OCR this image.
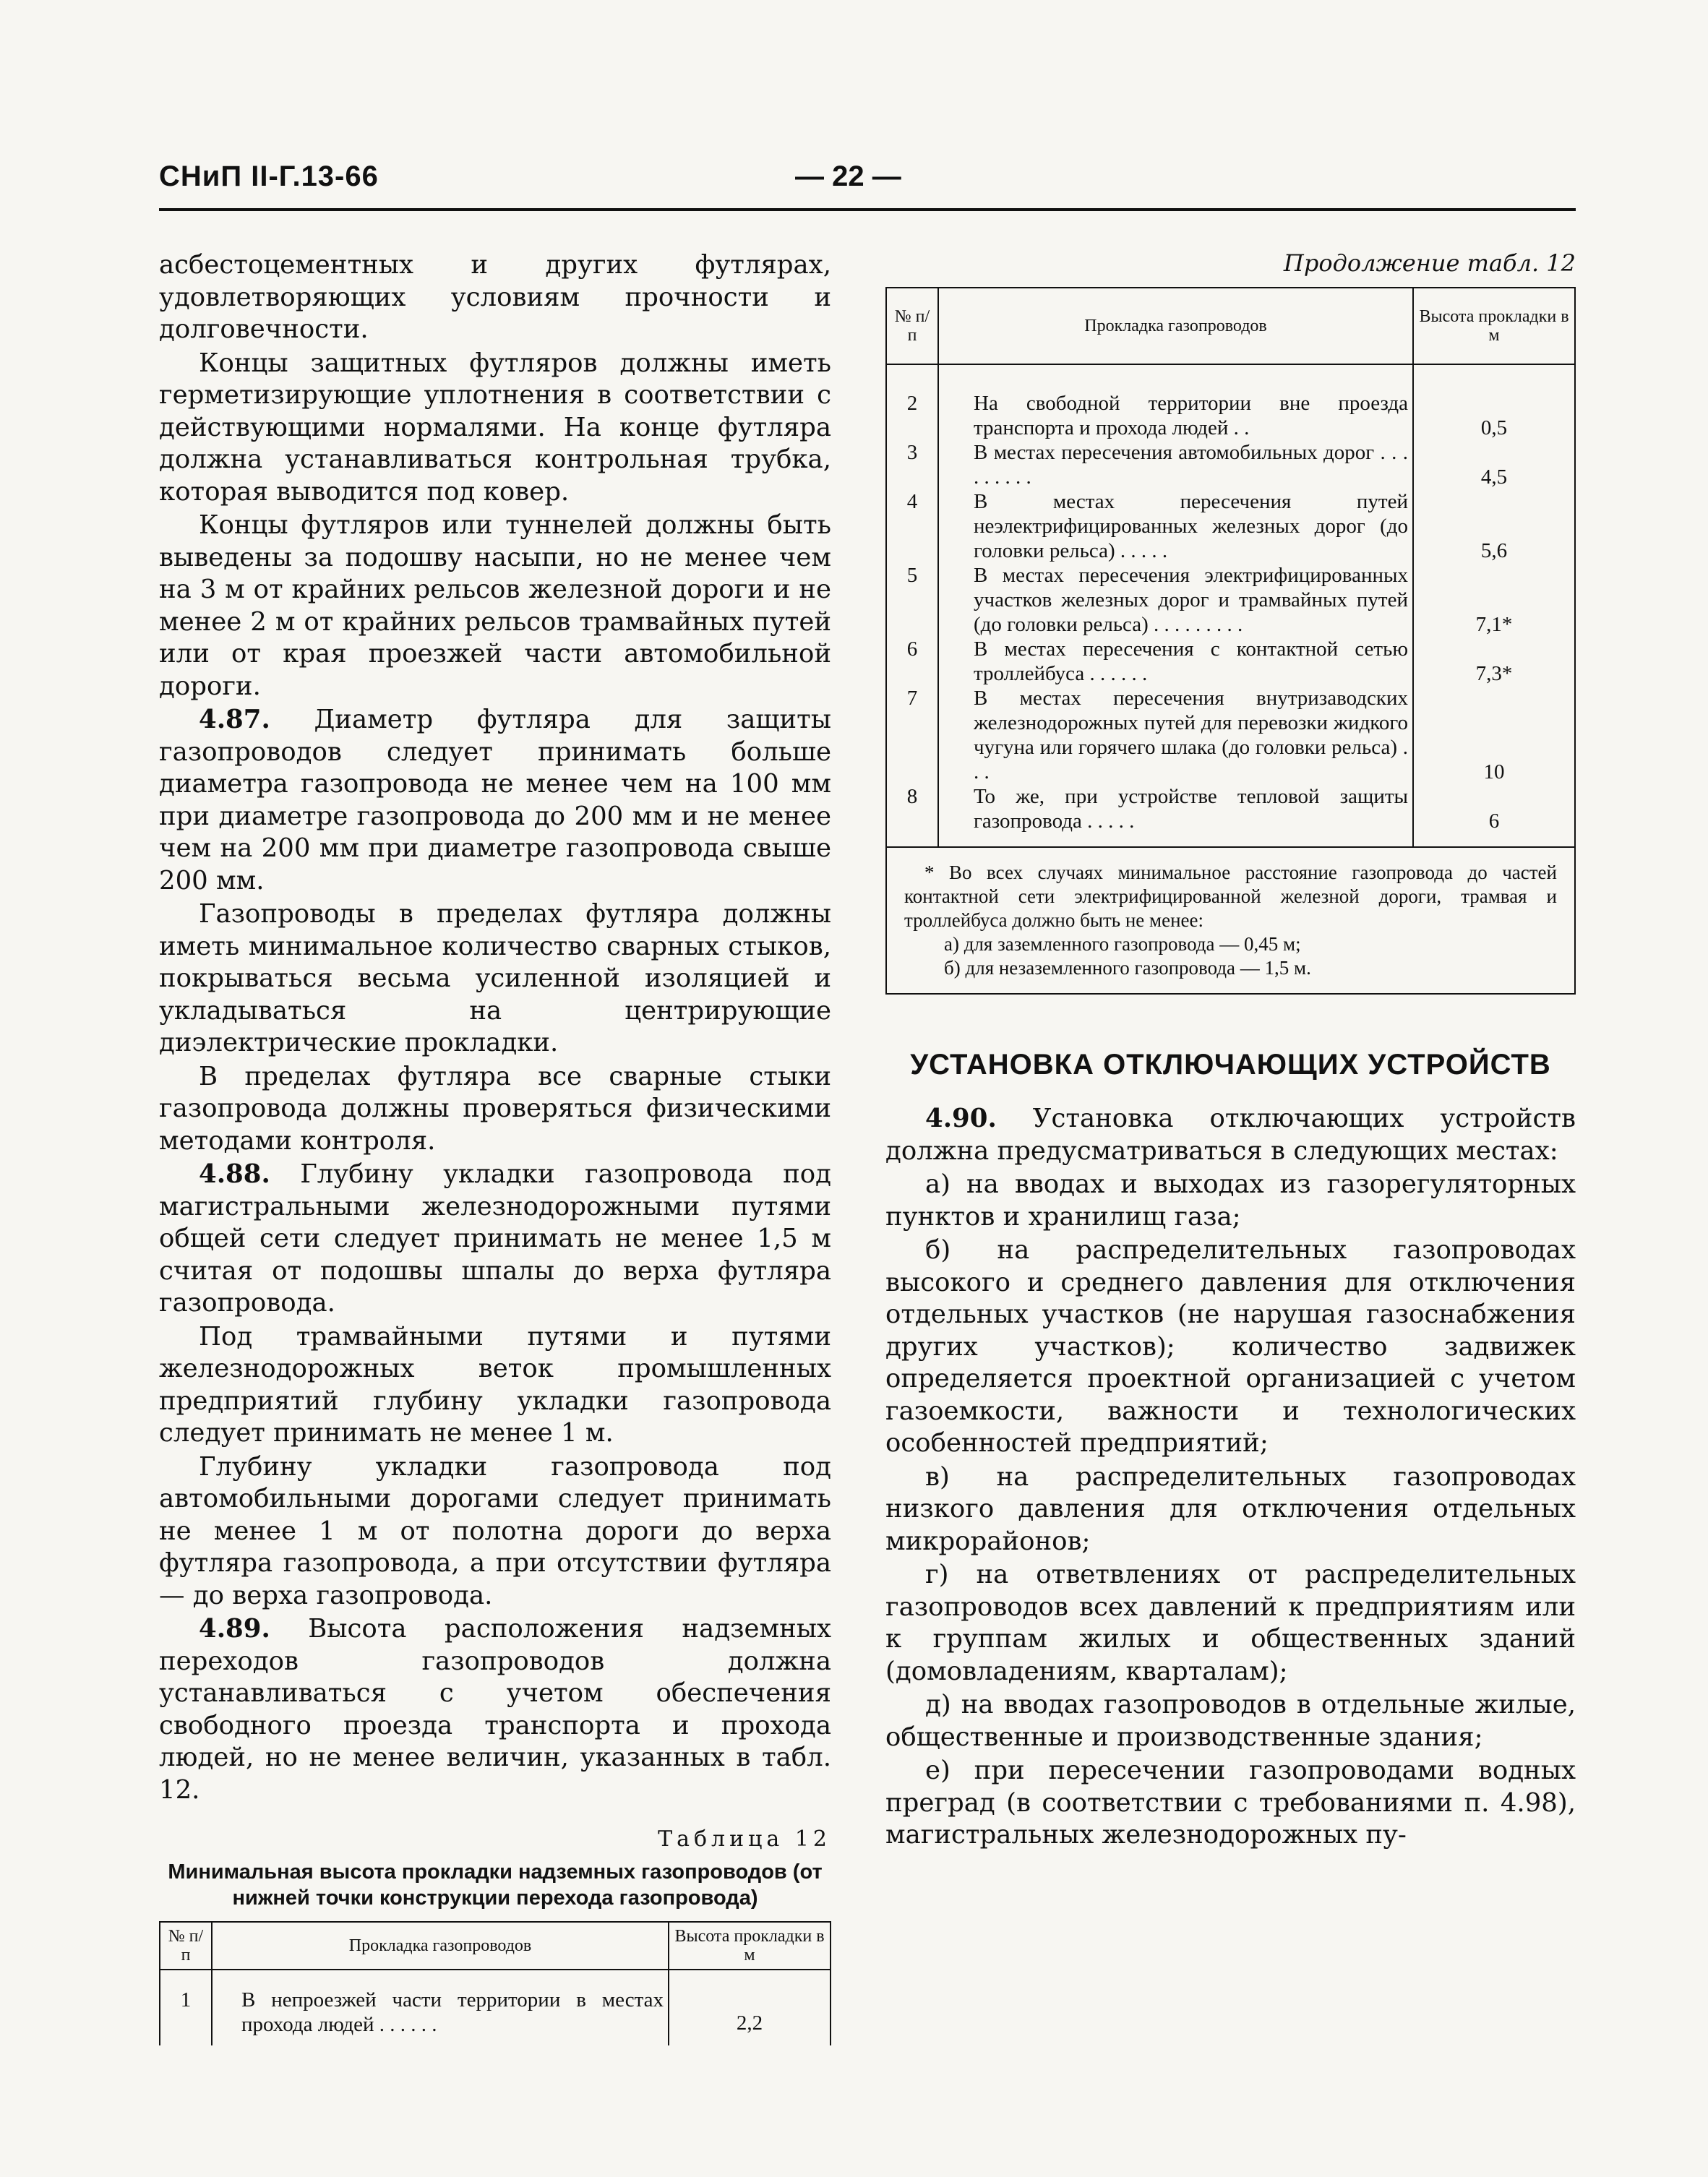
СНиП II-Г.13-66	— 22 —

асбестоцементных и других футлярах, удовлетворяющих условиям прочности и долговечности.

Концы защитных футляров должны иметь герметизирующие уплотнения в соответствии с действующими нормалями. На конце футляра должна устанавливаться контрольная трубка, которая выводится под ковер.

Концы футляров или туннелей должны быть выведены за подошву насыпи, но не менее чем на 3 м от крайних рельсов железной дороги и не менее 2 м от крайних рельсов трамвайных путей или от края проезжей части автомобильной дороги.

4.87. Диаметр футляра для защиты газопроводов следует принимать больше диаметра газопровода не менее чем на 100 мм при диаметре газопровода до 200 мм и не менее чем на 200 мм при диаметре газопровода свыше 200 мм.

Газопроводы в пределах футляра должны иметь минимальное количество сварных стыков, покрываться весьма усиленной изоляцией и укладываться на центрирующие диэлектрические прокладки.

В пределах футляра все сварные стыки газопровода должны проверяться физическими методами контроля.

4.88. Глубину укладки газопровода под магистральными железнодорожными путями общей сети следует принимать не менее 1,5 м считая от подошвы шпалы до верха футляра газопровода.

Под трамвайными путями и путями железнодорожных веток промышленных предприятий глубину укладки газопровода следует принимать не менее 1 м.

Глубину укладки газопровода под автомобильными дорогами следует принимать не менее 1 м от полотна дороги до верха футляра газопровода, а при отсутствии футляра — до верха газопровода.

4.89. Высота расположения надземных переходов газопроводов должна устанавливаться с учетом обеспечения свободного проезда транспорта и прохода людей, но не менее величин, указанных в табл. 12.

Таблица 12
Минимальная высота прокладки надземных газопроводов (от нижней точки конструкции перехода газопровода)
№ п/п	Прокладка газопроводов	Высота прокладки в м
1	В непроезжей части территории в местах прохода людей . . . . . .	2,2
Продолжение табл. 12
№ п/п	Прокладка газопроводов	Высота прокладки в м
2	На свободной территории вне проезда транспорта и прохода людей . .	0,5
3	В местах пересечения автомобильных дорог . . . . . . . . .	4,5
4	В местах пересечения путей неэлектрифицированных железных дорог (до головки рельса) . . . . .	5,6
5	В местах пересечения электрифицированных участков железных дорог и трамвайных путей (до головки рельса) . . . . . . . . .	7,1*
6	В местах пересечения с контактной сетью троллейбуса . . . . . .	7,3*
7	В местах пересечения внутризаводских железнодорожных путей для перевозки жидкого чугуна или горячего шлака (до головки рельса) . . .	10
8	То же, при устройстве тепловой защиты газопровода . . . . .	6

* Во всех случаях минимальное расстояние газопровода до частей контактной сети электрифицированной железной дороги, трамвая и троллейбуса должно быть не менее:

а) для заземленного газопровода — 0,45 м;

б) для незаземленного газопровода — 1,5 м.

УСТАНОВКА ОТКЛЮЧАЮЩИХ УСТРОЙСТВ

4.90. Установка отключающих устройств должна предусматриваться в следующих местах:

а) на вводах и выходах из газорегуляторных пунктов и хранилищ газа;

б) на распределительных газопроводах высокого и среднего давления для отключения отдельных участков (не нарушая газоснабжения других участков); количество задвижек определяется проектной организацией с учетом газоемкости, важности и технологических особенностей предприятий;

в) на распределительных газопроводах низкого давления для отключения отдельных микрорайонов;

г) на ответвлениях от распределительных газопроводов всех давлений к предприятиям или к группам жилых и общественных зданий (домовладениям, кварталам);

д) на вводах газопроводов в отдельные жилые, общественные и производственные здания;

е) при пересечении газопроводами водных преград (в соответствии с требованиями п. 4.98), магистральных железнодорожных пу-
